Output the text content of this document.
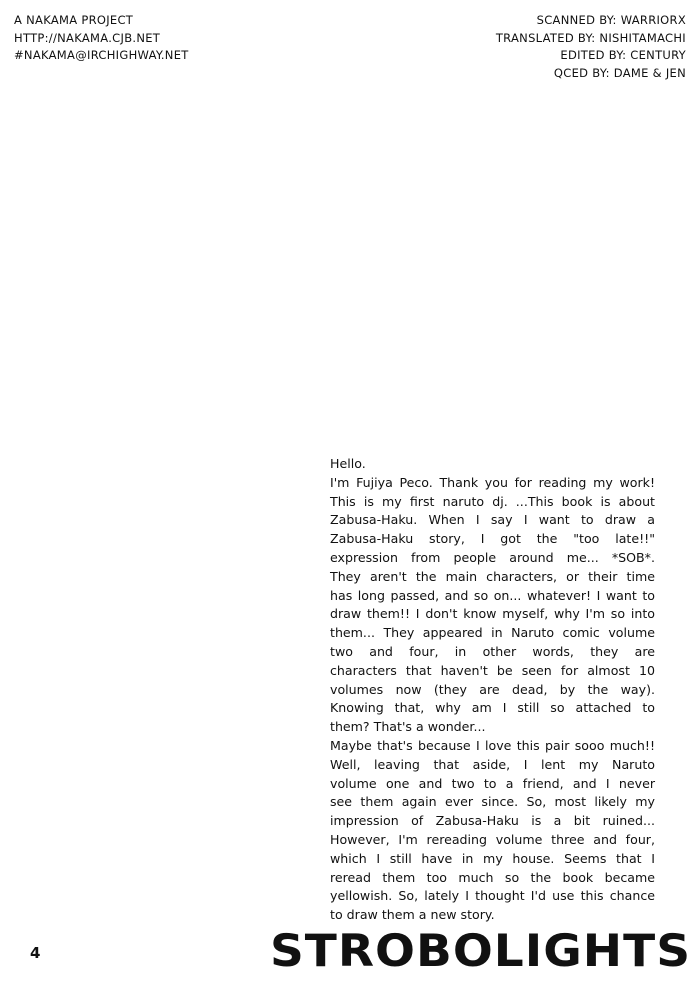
A NAKAMA PROJECT
HTTP://NAKAMA.CJB.NET
#NAKAMA@IRCHIGHWAY.NET
SCANNED BY: WARRIORX
TRANSLATED BY: NISHITAMACHI
EDITED BY: CENTURY
QCED BY: DAME & JEN
Hello.
I'm Fujiya Peco. Thank you for reading my work!
This is my first naruto dj. ...This book is about
Zabusa-Haku. When I say I want to draw a
Zabusa-Haku story, I got the "too late!!"
expression from people around me... *SOB*.
They aren't the main characters, or their time
has long passed, and so on... whatever! I want to
draw them!! I don't know myself, why I'm so into
them... They appeared in Naruto comic volume
two and four, in other words, they are
characters that haven't be seen for almost 10
volumes now (they are dead, by the way).
Knowing that, why am I still so attached to
them? That's a wonder...
Maybe that's because I love this pair sooo much!!
Well, leaving that aside, I lent my Naruto
volume one and two to a friend, and I never
see them again ever since. So, most likely my
impression of Zabusa-Haku is a bit ruined...
However, I'm rereading volume three and four,
which I still have in my house. Seems that I
reread them too much so the book became
yellowish. So, lately I thought I'd use this chance
to draw them a new story.
4	STROBOLIGHTS
